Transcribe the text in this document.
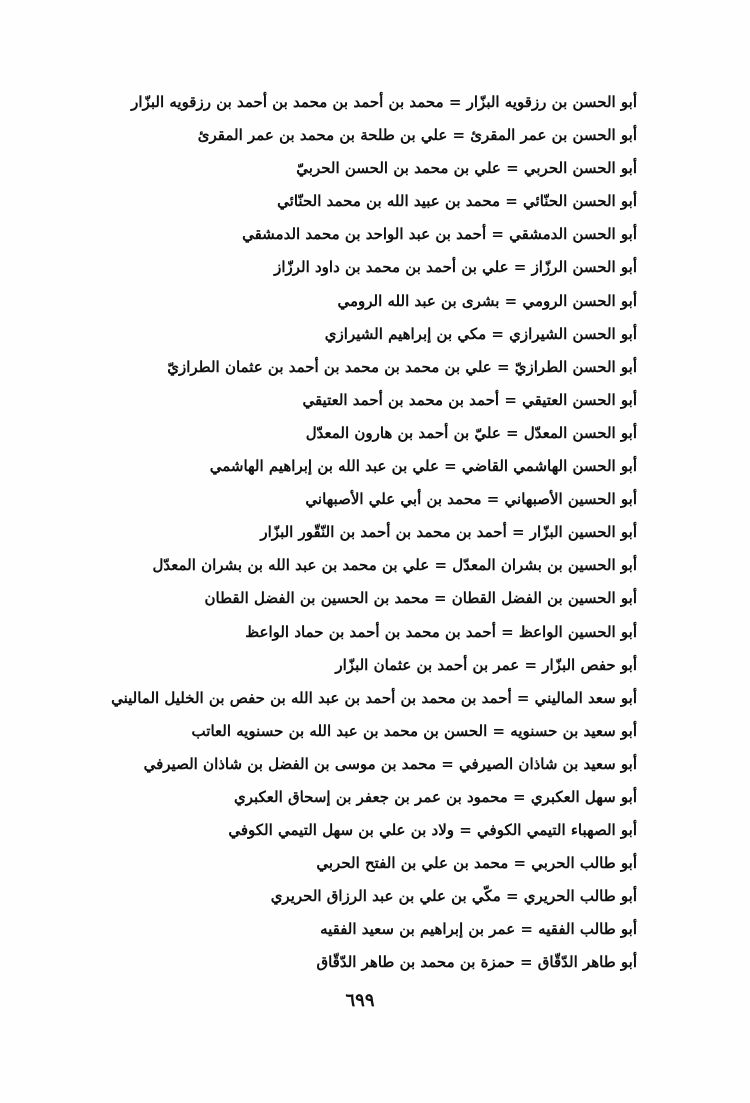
أبو الحسن بن رزقويه البزّار = محمد بن أحمد بن محمد بن أحمد بن رزقويه البزّار
أبو الحسن بن عمر المقرئ = علي بن طلحة بن محمد بن عمر المقرئ
أبو الحسن الحربي = علي بن محمد بن الحسن الحربيّ
أبو الحسن الحنّائي = محمد بن عبيد الله بن محمد الحنّائي
أبو الحسن الدمشقي = أحمد بن عبد الواحد بن محمد الدمشقي
أبو الحسن الرزّاز = علي بن أحمد بن محمد بن داود الرزّاز
أبو الحسن الرومي = بشرى بن عبد الله الرومي
أبو الحسن الشيرازي = مكي بن إبراهيم الشيرازي
أبو الحسن الطرازيّ = علي بن محمد بن محمد بن أحمد بن عثمان الطرازيّ
أبو الحسن العتيقي = أحمد بن محمد بن أحمد العتيقي
أبو الحسن المعدّل = عليّ بن أحمد بن هارون المعدّل
أبو الحسن الهاشمي القاضي = علي بن عبد الله بن إبراهيم الهاشمي
أبو الحسين الأصبهاني = محمد بن أبي علي الأصبهاني
أبو الحسين البزّار = أحمد بن محمد بن أحمد بن النّقّور البزّار
أبو الحسين بن بشران المعدّل = علي بن محمد بن عبد الله بن بشران المعدّل
أبو الحسين بن الفضل القطان = محمد بن الحسين بن الفضل القطان
أبو الحسين الواعظ = أحمد بن محمد بن أحمد بن حماد الواعظ
أبو حفص البزّار = عمر بن أحمد بن عثمان البزّار
أبو سعد الماليني = أحمد بن محمد بن أحمد بن عبد الله بن حفص بن الخليل الماليني
أبو سعيد بن حسنويه = الحسن بن محمد بن عبد الله بن حسنويه العاتب
أبو سعيد بن شاذان الصيرفي = محمد بن موسى بن الفضل بن شاذان الصيرفي
أبو سهل العكبري = محمود بن عمر بن جعفر بن إسحاق العكبري
أبو الصهباء التيمي الكوفي = ولاد بن علي بن سهل التيمي الكوفي
أبو طالب الحربي = محمد بن علي بن الفتح الحربي
أبو طالب الحريري = مكّي بن علي بن عبد الرزاق الحريري
أبو طالب الفقيه = عمر بن إبراهيم بن سعيد الفقيه
أبو طاهر الدّقّاق = حمزة بن محمد بن طاهر الدّقّاق
٦٩٩
